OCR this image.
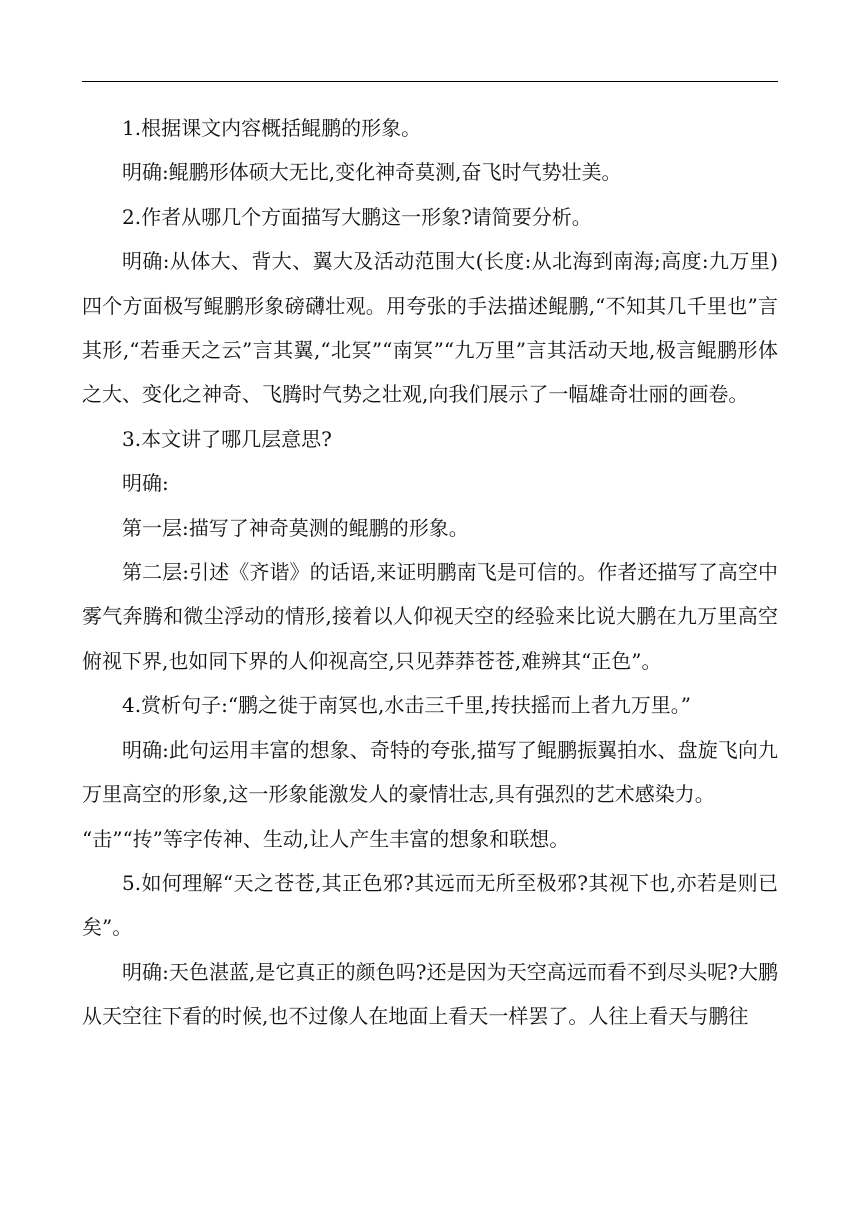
1.根据课文内容概括鲲鹏的形象。

明确:鲲鹏形体硕大无比,变化神奇莫测,奋飞时气势壮美。

2.作者从哪几个方面描写大鹏这一形象?请简要分析。

明确:从体大、背大、翼大及活动范围大(长度:从北海到南海;高度:九万里)四个方面极写鲲鹏形象磅礴壮观。用夸张的手法描述鲲鹏,“不知其几千里也”言其形,“若垂天之云”言其翼,“北冥”“南冥”“九万里”言其活动天地,极言鲲鹏形体之大、变化之神奇、飞腾时气势之壮观,向我们展示了一幅雄奇壮丽的画卷。

3.本文讲了哪几层意思?

明确:

第一层:描写了神奇莫测的鲲鹏的形象。

第二层:引述《齐谐》的话语,来证明鹏南飞是可信的。作者还描写了高空中雾气奔腾和微尘浮动的情形,接着以人仰视天空的经验来比说大鹏在九万里高空俯视下界,也如同下界的人仰视高空,只见莽莽苍苍,难辨其“正色”。

4.赏析句子:“鹏之徙于南冥也,水击三千里,抟扶摇而上者九万里。”

明确:此句运用丰富的想象、奇特的夸张,描写了鲲鹏振翼拍水、盘旋飞向九万里高空的形象,这一形象能激发人的豪情壮志,具有强烈的艺术感染力。

“击”“抟”等字传神、生动,让人产生丰富的想象和联想。

5.如何理解“天之苍苍,其正色邪?其远而无所至极邪?其视下也,亦若是则已矣”。

明确:天色湛蓝,是它真正的颜色吗?还是因为天空高远而看不到尽头呢?大鹏从天空往下看的时候,也不过像人在地面上看天一样罢了。人往上看天与鹏往
